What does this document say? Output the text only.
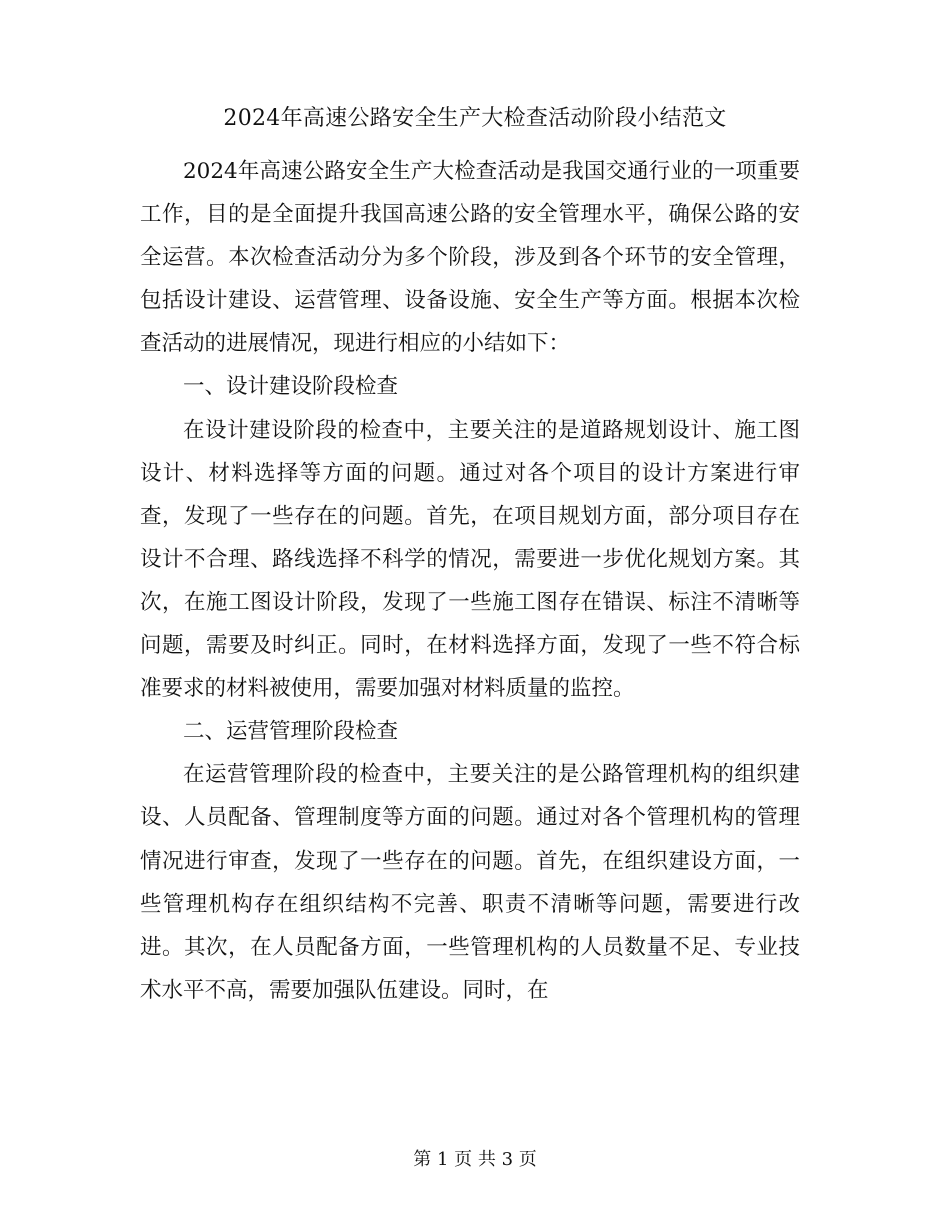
2024年高速公路安全生产大检查活动阶段小结范文

2024年高速公路安全生产大检查活动是我国交通行业的一项重要工作，目的是全面提升我国高速公路的安全管理水平，确保公路的安全运营。本次检查活动分为多个阶段，涉及到各个环节的安全管理，包括设计建设、运营管理、设备设施、安全生产等方面。根据本次检查活动的进展情况，现进行相应的小结如下：

一、设计建设阶段检查

在设计建设阶段的检查中，主要关注的是道路规划设计、施工图设计、材料选择等方面的问题。通过对各个项目的设计方案进行审查，发现了一些存在的问题。首先，在项目规划方面，部分项目存在设计不合理、路线选择不科学的情况，需要进一步优化规划方案。其次，在施工图设计阶段，发现了一些施工图存在错误、标注不清晰等问题，需要及时纠正。同时，在材料选择方面，发现了一些不符合标准要求的材料被使用，需要加强对材料质量的监控。

二、运营管理阶段检查

在运营管理阶段的检查中，主要关注的是公路管理机构的组织建设、人员配备、管理制度等方面的问题。通过对各个管理机构的管理情况进行审查，发现了一些存在的问题。首先，在组织建设方面，一些管理机构存在组织结构不完善、职责不清晰等问题，需要进行改进。其次，在人员配备方面，一些管理机构的人员数量不足、专业技术水平不高，需要加强队伍建设。同时，在

第 1 页 共 3 页
